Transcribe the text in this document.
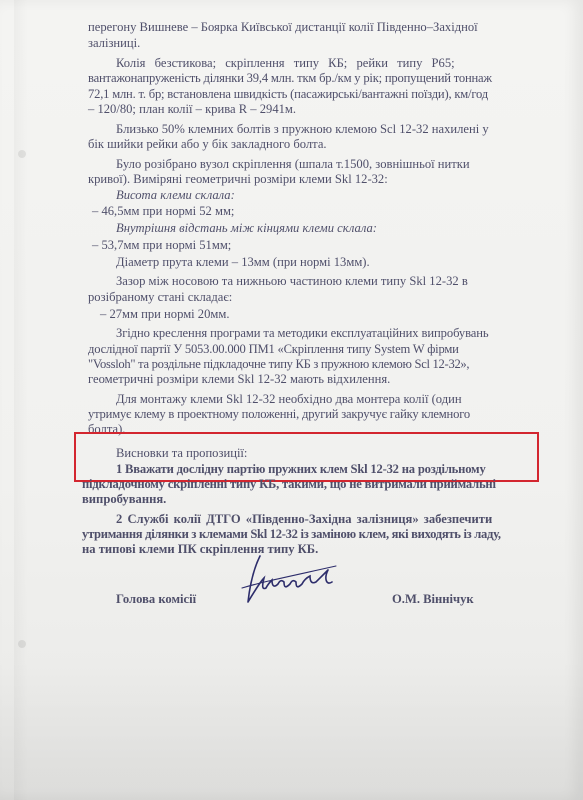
перегону Вишневе – Боярка Київської дистанції колії Південно–Західної
залізниці.
Колія безстикова; скріплення типу КБ; рейки типу Р65;
вантажонапруженість ділянки 39,4 млн. ткм бр./км у рік; пропущений тоннаж
72,1 млн. т. бр; встановлена швидкість (пасажирські/вантажні поїзди), км/год
– 120/80; план колії – крива R – 2941м.
Близько 50% клемних болтів з пружною клемою Scl 12-32 нахилені у
бік шийки рейки або у бік закладного болта.
Було розібрано вузол скріплення (шпала т.1500, зовнішньої нитки
кривої). Виміряні геометричні розміри клеми Skl 12-32:
Висота клеми склала:
– 46,5мм при нормі 52 мм;
Внутрішня відстань між кінцями клеми склала:
– 53,7мм при нормі 51мм;
Діаметр прута клеми – 13мм (при нормі 13мм).
Зазор між носовою та нижньою частиною клеми типу Skl 12-32 в
розібраному стані складає:
– 27мм при нормі 20мм.
Згідно креслення програми та методики експлуатаційних випробувань
дослідної партії У 5053.00.000 ПМ1 «Скріплення типу System W фірми
"Vossloh" та роздільне підкладочне типу КБ з пружною клемою Scl 12-32»,
геометричні розміри клеми Skl 12-32 мають відхилення.
Для монтажу клеми Skl 12-32 необхідно два монтера колії (один
утримує клему в проектному положенні, другий закручує гайку клемного
болта).
Висновки та пропозиції:
1 Вважати дослідну партію пружних клем Skl 12-32 на роздільному
підкладочному скріпленні типу КБ, такими, що не витримали приймальні
випробування.
2 Службі колії ДТГО «Південно-Західна залізниця» забезпечити
утримання ділянки з клемами Skl 12-32 із заміною клем, які виходять із ладу,
на типові клеми ПК скріплення типу КБ.
Голова комісії	О.М. Віннічук
